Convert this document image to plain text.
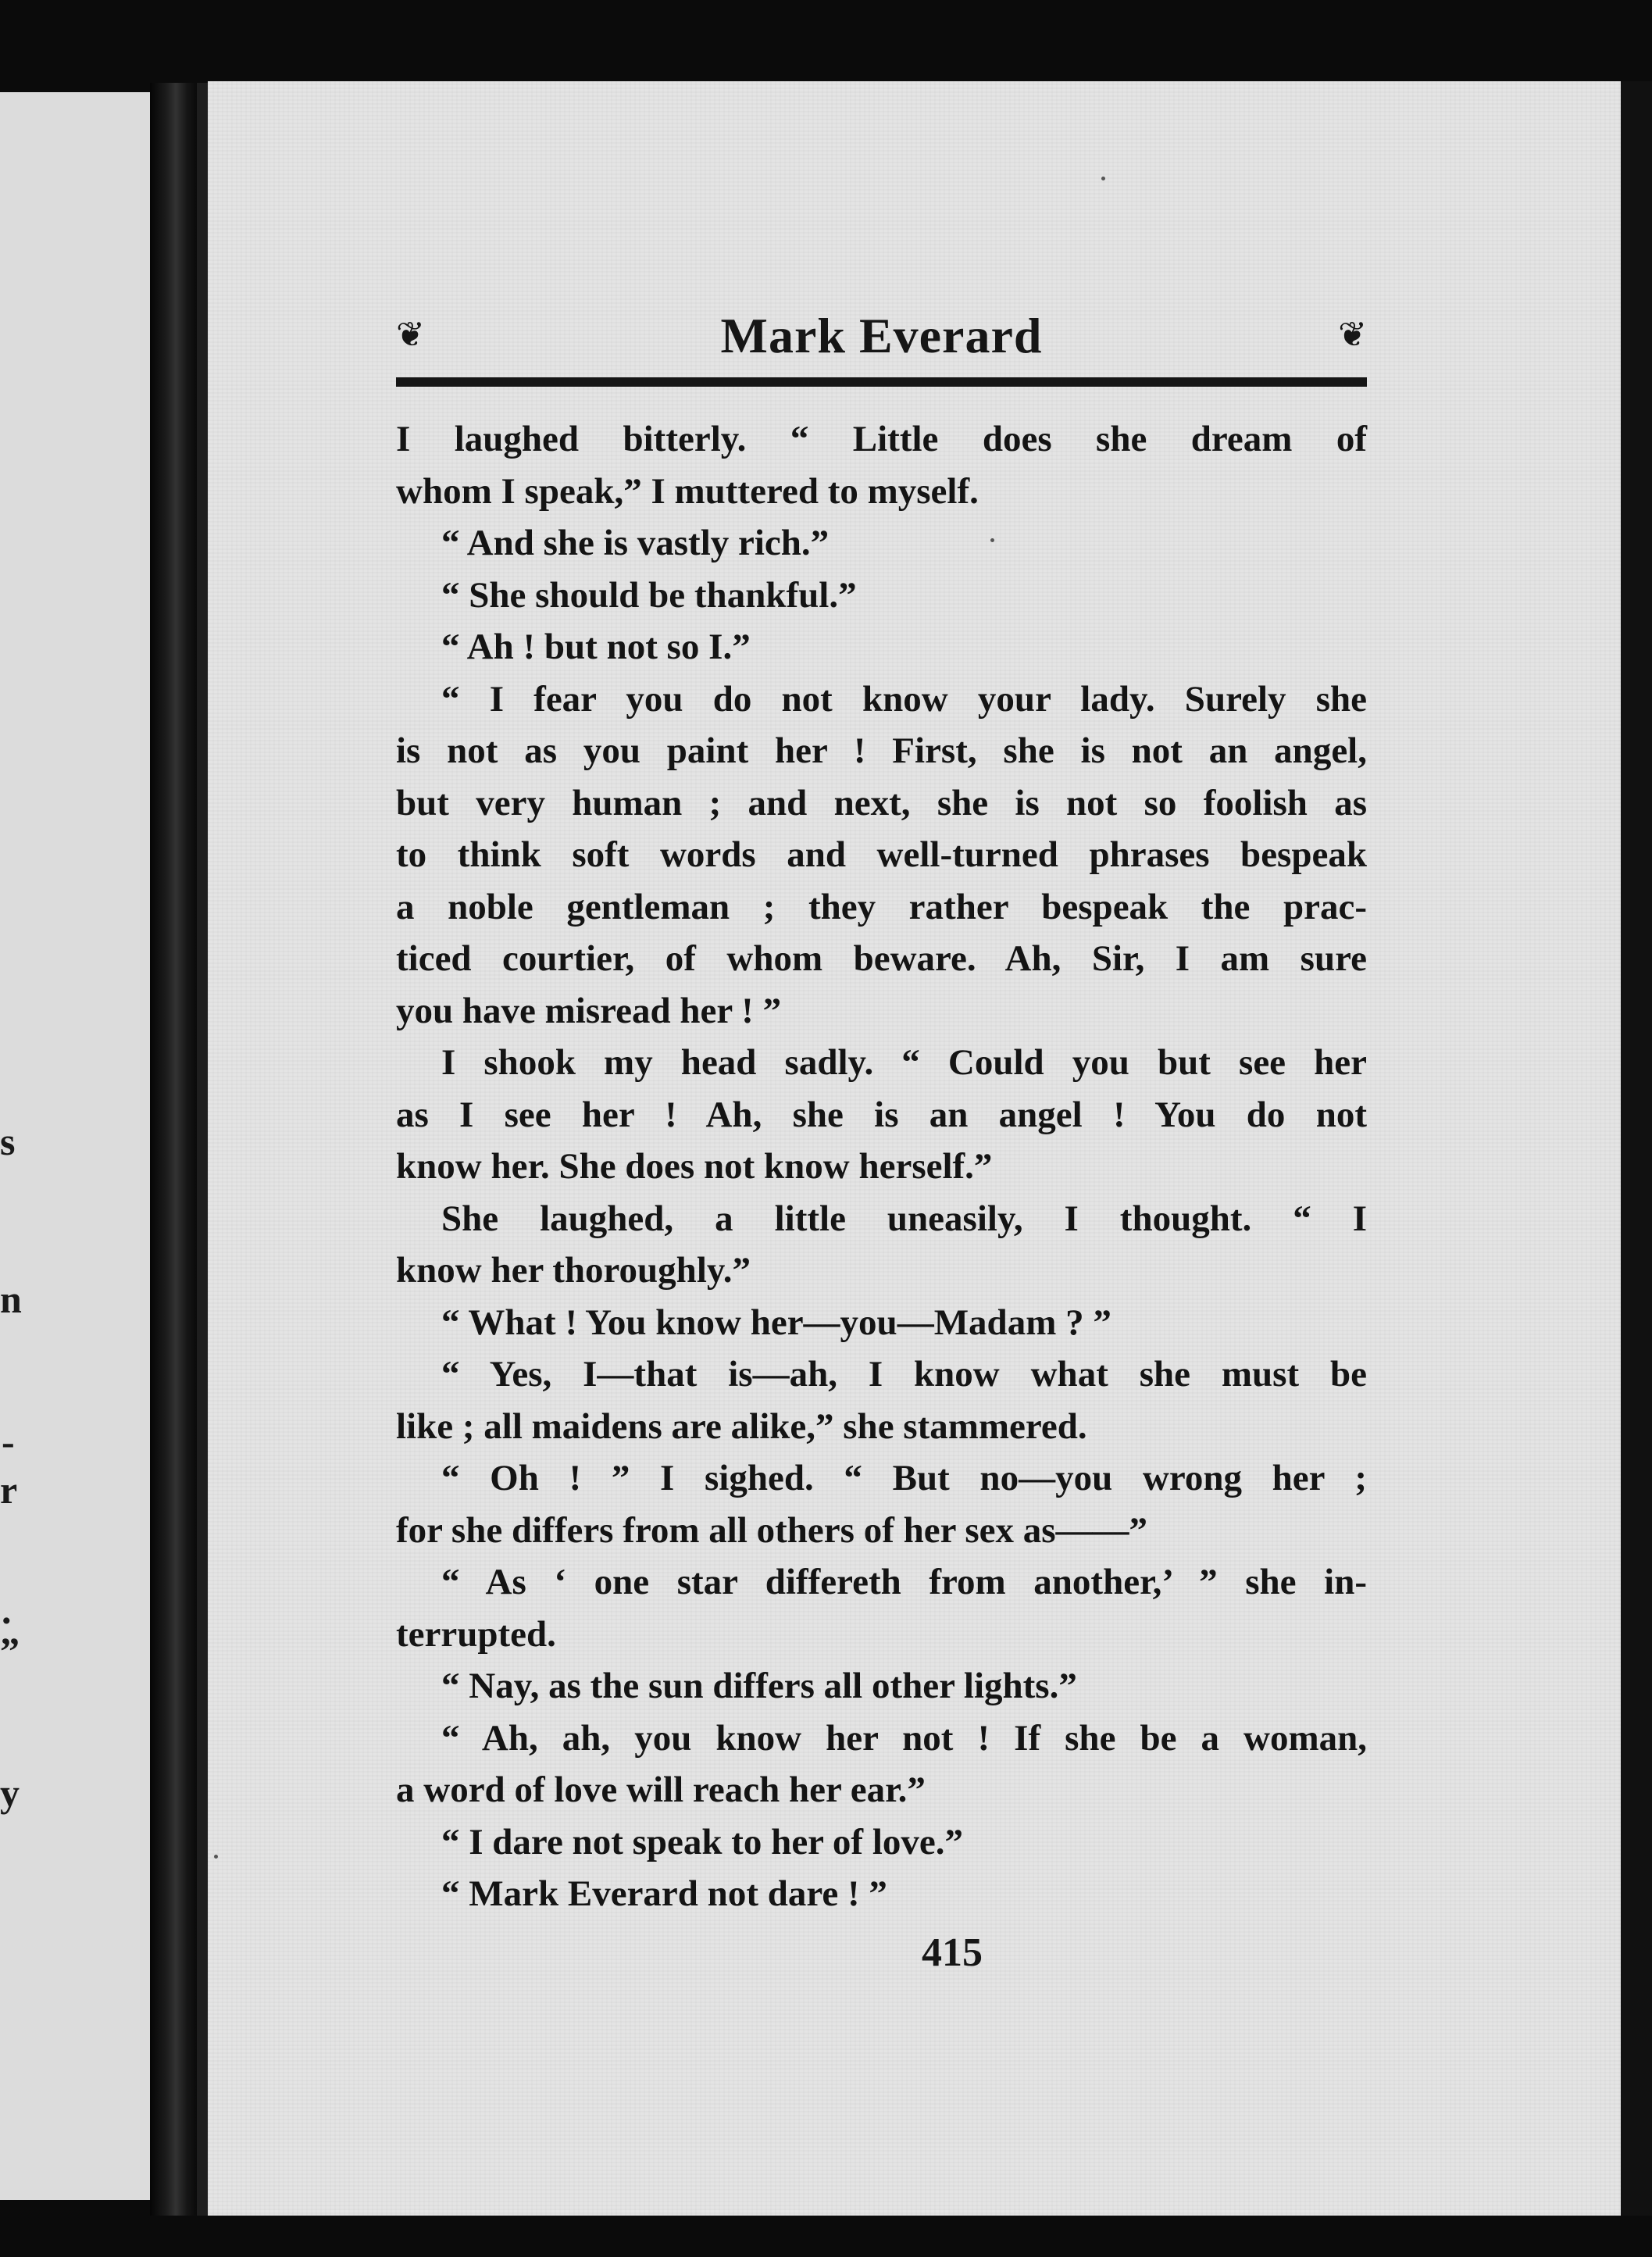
s
n
-
r
.
”
y
❦	Mark Everard	❦
I laughed bitterly. “ Little does she dream of
whom I speak,” I muttered to myself.
“ And she is vastly rich.”
“ She should be thankful.”
“ Ah ! but not so I.”
“ I fear you do not know your lady. Surely she
is not as you paint her ! First, she is not an angel,
but very human ; and next, she is not so foolish as
to think soft words and well-turned phrases bespeak
a noble gentleman ; they rather bespeak the prac-
ticed courtier, of whom beware. Ah, Sir, I am sure
you have misread her ! ”
I shook my head sadly. “ Could you but see her
as I see her ! Ah, she is an angel ! You do not
know her. She does not know herself.”
She laughed, a little uneasily, I thought. “ I
know her thoroughly.”
“ What ! You know her—you—Madam ? ”
“ Yes, I—that is—ah, I know what she must be
like ; all maidens are alike,” she stammered.
“ Oh ! ” I sighed. “ But no—you wrong her ;
for she differs from all others of her sex as——”
“ As ‘ one star differeth from another,’ ” she in-
terrupted.
“ Nay, as the sun differs all other lights.”
“ Ah, ah, you know her not ! If she be a woman,
a word of love will reach her ear.”
“ I dare not speak to her of love.”
“ Mark Everard not dare ! ”
415
